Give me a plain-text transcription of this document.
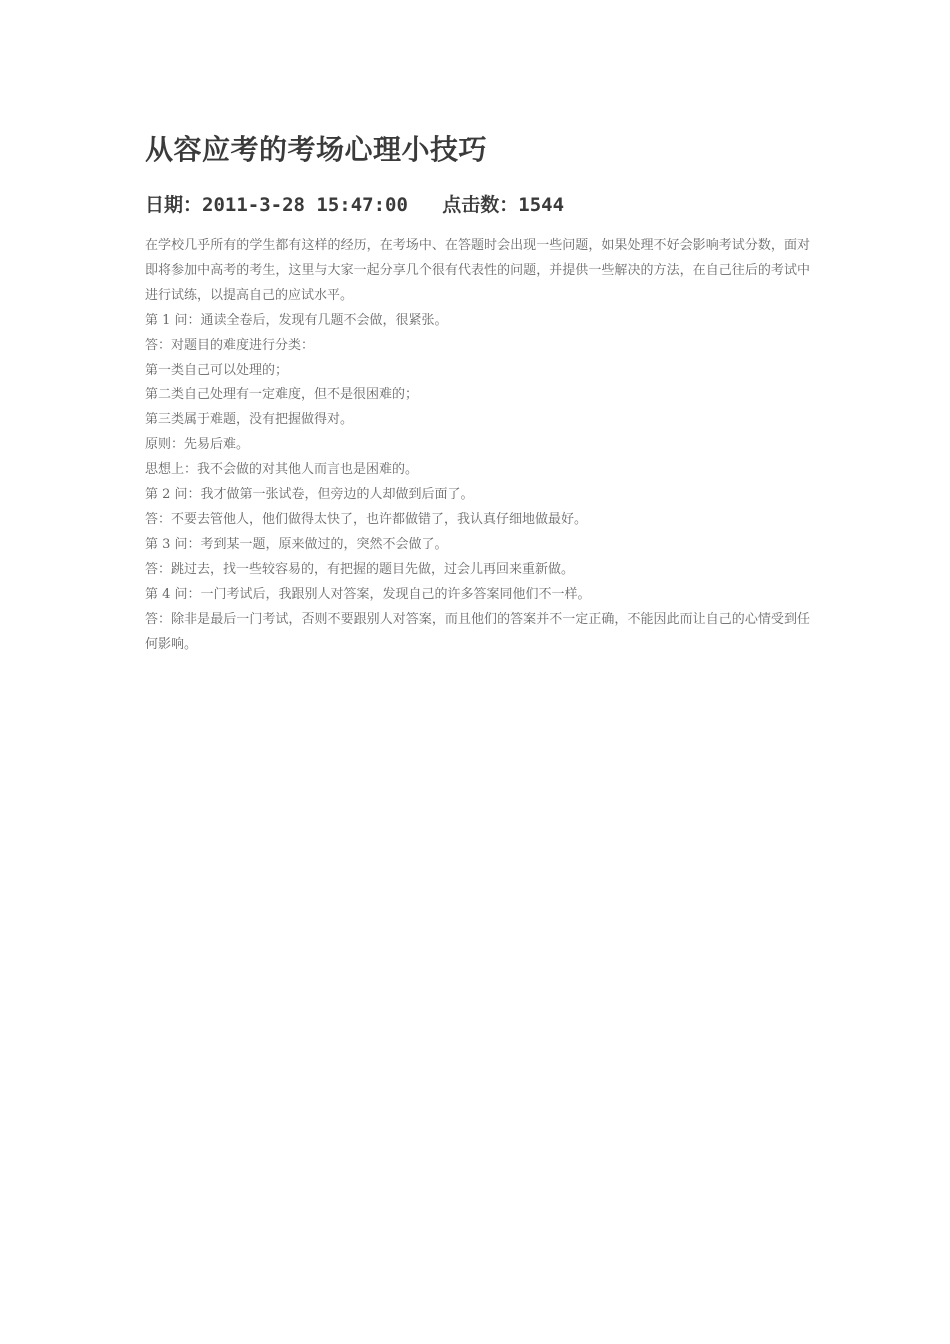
从容应考的考场心理小技巧
日期：2011-3-28 15:47:00 点击数：1544

在学校几乎所有的学生都有这样的经历，在考场中、在答题时会出现一些问题，如果处理不好会影响考试分数，面对即将参加中高考的考生，这里与大家一起分享几个很有代表性的问题，并提供一些解决的方法，在自己往后的考试中进行试练，以提高自己的应试水平。

第 1 问：通读全卷后，发现有几题不会做，很紧张。

答：对题目的难度进行分类：

第一类自己可以处理的；

第二类自己处理有一定难度，但不是很困难的；

第三类属于难题，没有把握做得对。

原则：先易后难。

思想上：我不会做的对其他人而言也是困难的。

第 2 问：我才做第一张试卷，但旁边的人却做到后面了。

答：不要去管他人，他们做得太快了，也许都做错了，我认真仔细地做最好。

第 3 问：考到某一题，原来做过的，突然不会做了。

答：跳过去，找一些较容易的，有把握的题目先做，过会儿再回来重新做。

第 4 问：一门考试后，我跟别人对答案，发现自己的许多答案同他们不一样。

答：除非是最后一门考试，否则不要跟别人对答案，而且他们的答案并不一定正确，不能因此而让自己的心情受到任何影响。
